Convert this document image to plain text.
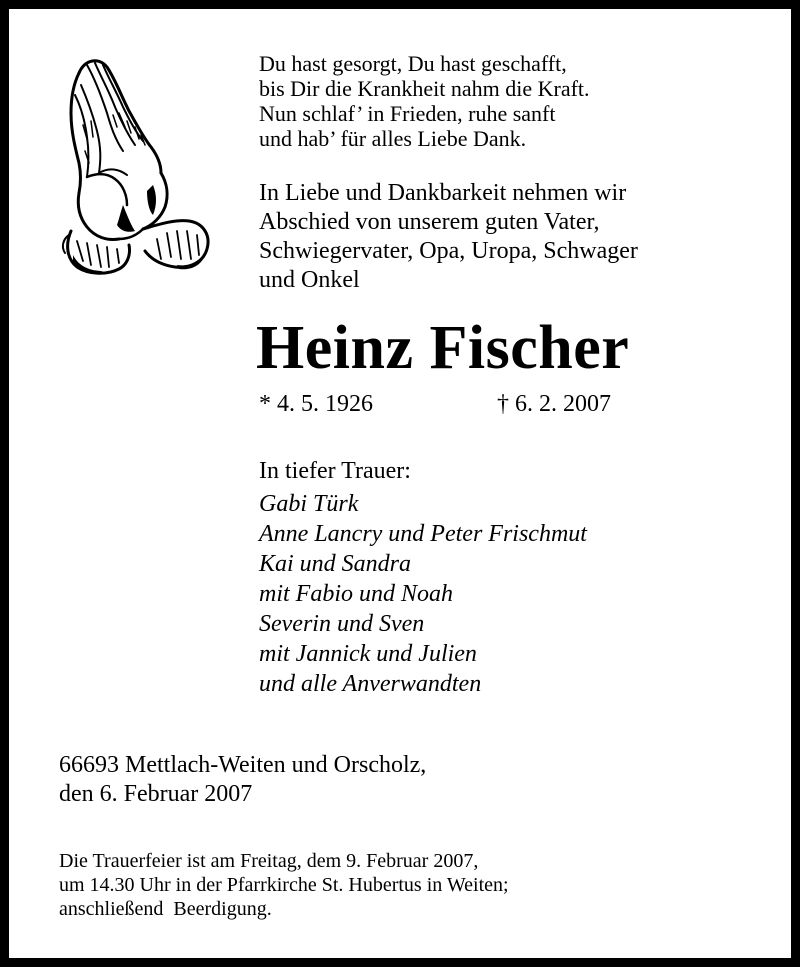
Du hast gesorgt, Du hast geschafft,
bis Dir die Krankheit nahm die Kraft.
Nun schlaf’ in Frieden, ruhe sanft
und hab’ für alles Liebe Dank.
In Liebe und Dankbarkeit nehmen wir
Abschied von unserem guten Vater,
Schwiegervater, Opa, Uropa, Schwager
und Onkel
Heinz Fischer
* 4. 5. 1926	† 6. 2. 2007
In tiefer Trauer:
Gabi Türk
Anne Lancry und Peter Frischmut
Kai und Sandra
mit Fabio und Noah
Severin und Sven
mit Jannick und Julien
und alle Anverwandten
66693 Mettlach-Weiten und Orscholz,
den 6. Februar 2007
Die Trauerfeier ist am Freitag, dem 9. Februar 2007,
um 14.30 Uhr in der Pfarrkirche St. Hubertus in Weiten;
anschließend  Beerdigung.
